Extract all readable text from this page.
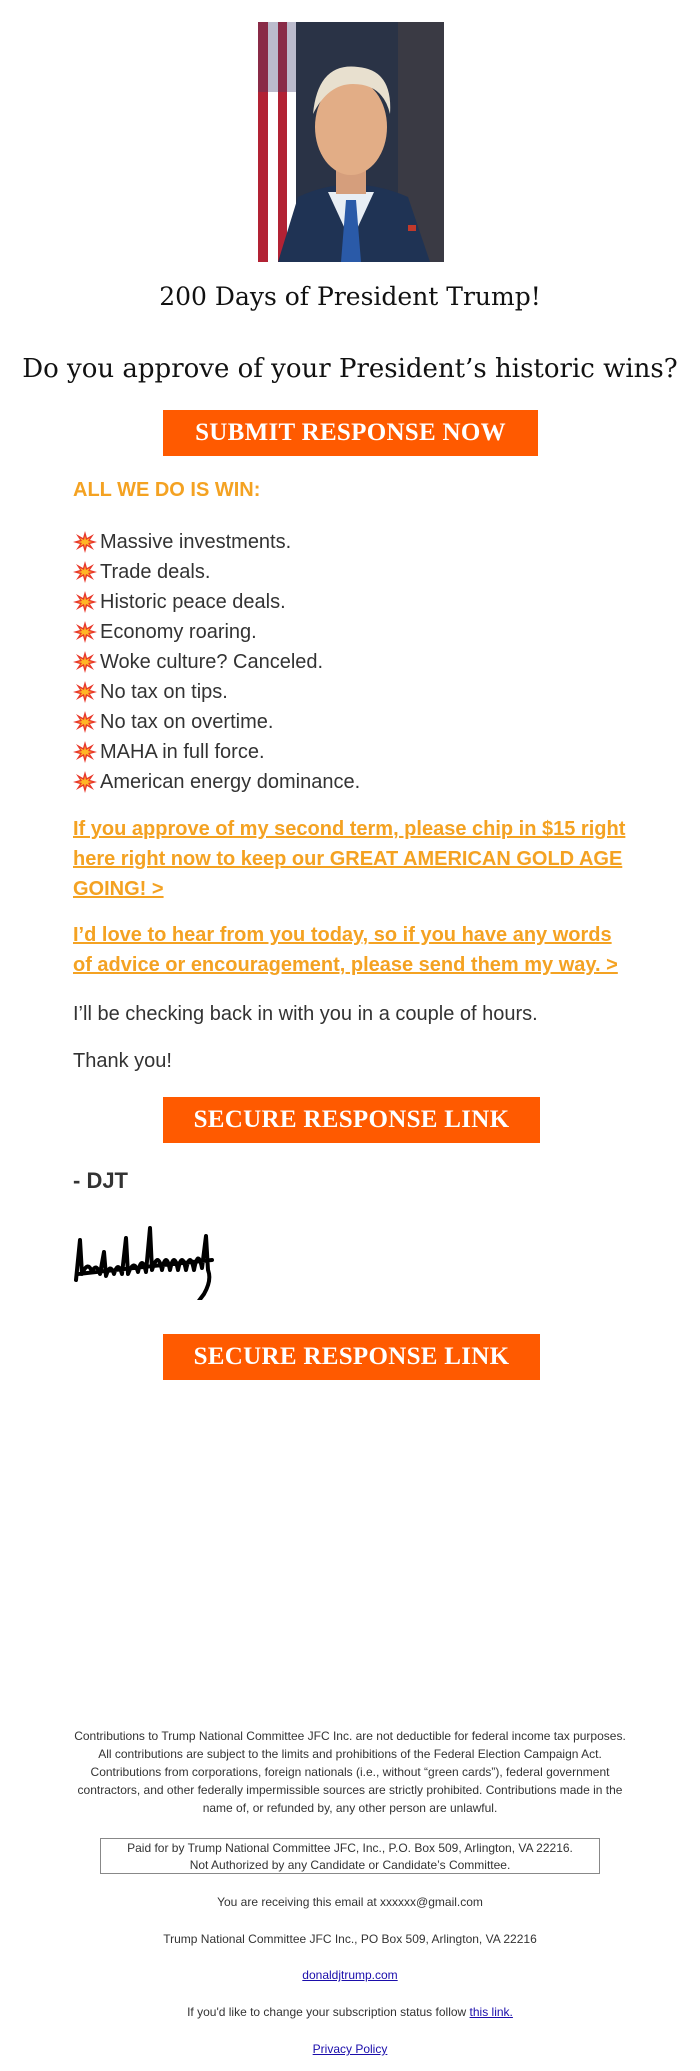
200 Days of President Trump!
Do you approve of your President’s historic wins?
SUBMIT RESPONSE NOW
ALL WE DO IS WIN:
Massive investments.
Trade deals.
Historic peace deals.
Economy roaring.
Woke culture? Canceled.
No tax on tips.
No tax on overtime.
MAHA in full force.
American energy dominance.
If you approve of my second term, please chip in $15 right here right now to keep our GREAT AMERICAN GOLD AGE GOING! >
I’d love to hear from you today, so if you have any words of advice or encouragement, please send them my way. >
I’ll be checking back in with you in a couple of hours.
Thank you!
SECURE RESPONSE LINK
- DJT
SECURE RESPONSE LINK
Contributions to Trump National Committee JFC Inc. are not deductible for federal income tax purposes. All contributions are subject to the limits and prohibitions of the Federal Election Campaign Act. Contributions from corporations, foreign nationals (i.e., without “green cards”), federal government contractors, and other federally impermissible sources are strictly prohibited. Contributions made in the name of, or refunded by, any other person are unlawful.
Paid for by Trump National Committee JFC, Inc., P.O. Box 509, Arlington, VA 22216.
Not Authorized by any Candidate or Candidate’s Committee.
You are receiving this email at xxxxxx@gmail.com
Trump National Committee JFC Inc., PO Box 509, Arlington, VA 22216
donaldjtrump.com
If you'd like to change your subscription status follow this link.
Privacy Policy
